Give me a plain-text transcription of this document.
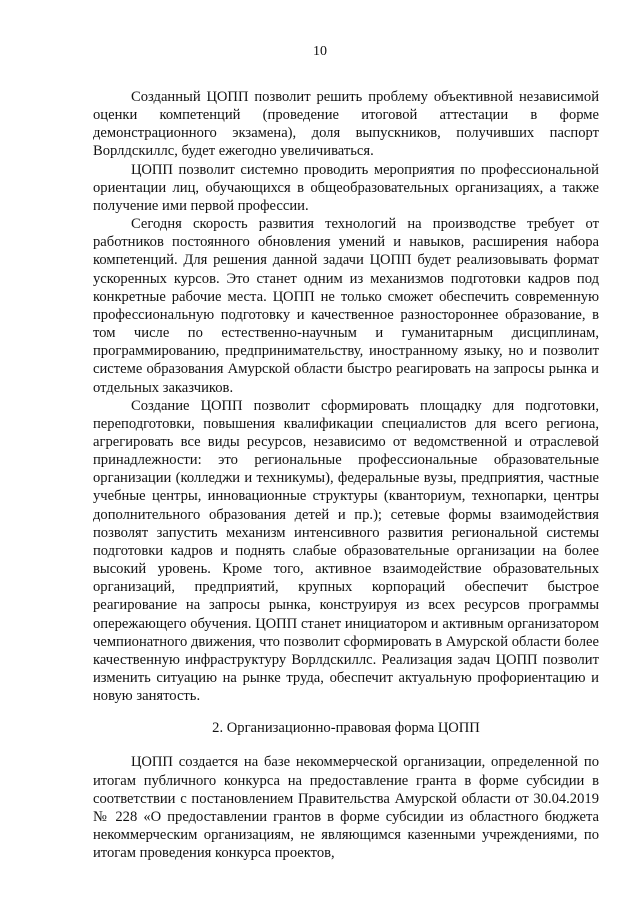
10

Созданный ЦОПП позволит решить проблему объективной независимой оценки компетенций (проведение итоговой аттестации в форме демонстрационного экзамена), доля выпускников, получивших паспорт Ворлдскиллс, будет ежегодно увеличиваться.

ЦОПП позволит системно проводить мероприятия по профессиональной ориентации лиц, обучающихся в общеобразовательных организациях, а также получение ими первой профессии.

Сегодня скорость развития технологий на производстве требует от работников постоянного обновления умений и навыков, расширения набора компетенций. Для решения данной задачи ЦОПП будет реализовывать формат ускоренных курсов. Это станет одним из механизмов подготовки кадров под конкретные рабочие места. ЦОПП не только сможет обеспечить современную профессиональную подготовку и качественное разностороннее образование, в том числе по естественно-научным и гуманитарным дисциплинам, программированию, предпринимательству, иностранному языку, но и позволит системе образования Амурской области быстро реагировать на запросы рынка и отдельных заказчиков.

Создание ЦОПП позволит сформировать площадку для подготовки, переподготовки, повышения квалификации специалистов для всего региона, агрегировать все виды ресурсов, независимо от ведомственной и отраслевой принадлежности: это региональные профессиональные образовательные организации (колледжи и техникумы), федеральные вузы, предприятия, частные учебные центры, инновационные структуры (кванториум, технопарки, центры дополнительного образования детей и пр.); сетевые формы взаимодействия позволят запустить механизм интенсивного развития региональной системы подготовки кадров и поднять слабые образовательные организации на более высокий уровень. Кроме того, активное взаимодействие образовательных организаций, предприятий, крупных корпораций обеспечит быстрое реагирование на запросы рынка, конструируя из всех ресурсов программы опережающего обучения. ЦОПП станет инициатором и активным организатором чемпионатного движения, что позволит сформировать в Амурской области более качественную инфраструктуру Ворлдскиллс. Реализация задач ЦОПП позволит изменить ситуацию на рынке труда, обеспечит актуальную профориентацию и новую занятость.

2. Организационно-правовая форма ЦОПП

ЦОПП создается на базе некоммерческой организации, определенной по итогам публичного конкурса на предоставление гранта в форме субсидии в соответствии с постановлением Правительства Амурской области от 30.04.2019 № 228 «О предоставлении грантов в форме субсидии из областного бюджета некоммерческим организациям, не являющимся казенными учреждениями, по итогам проведения конкурса проектов,
